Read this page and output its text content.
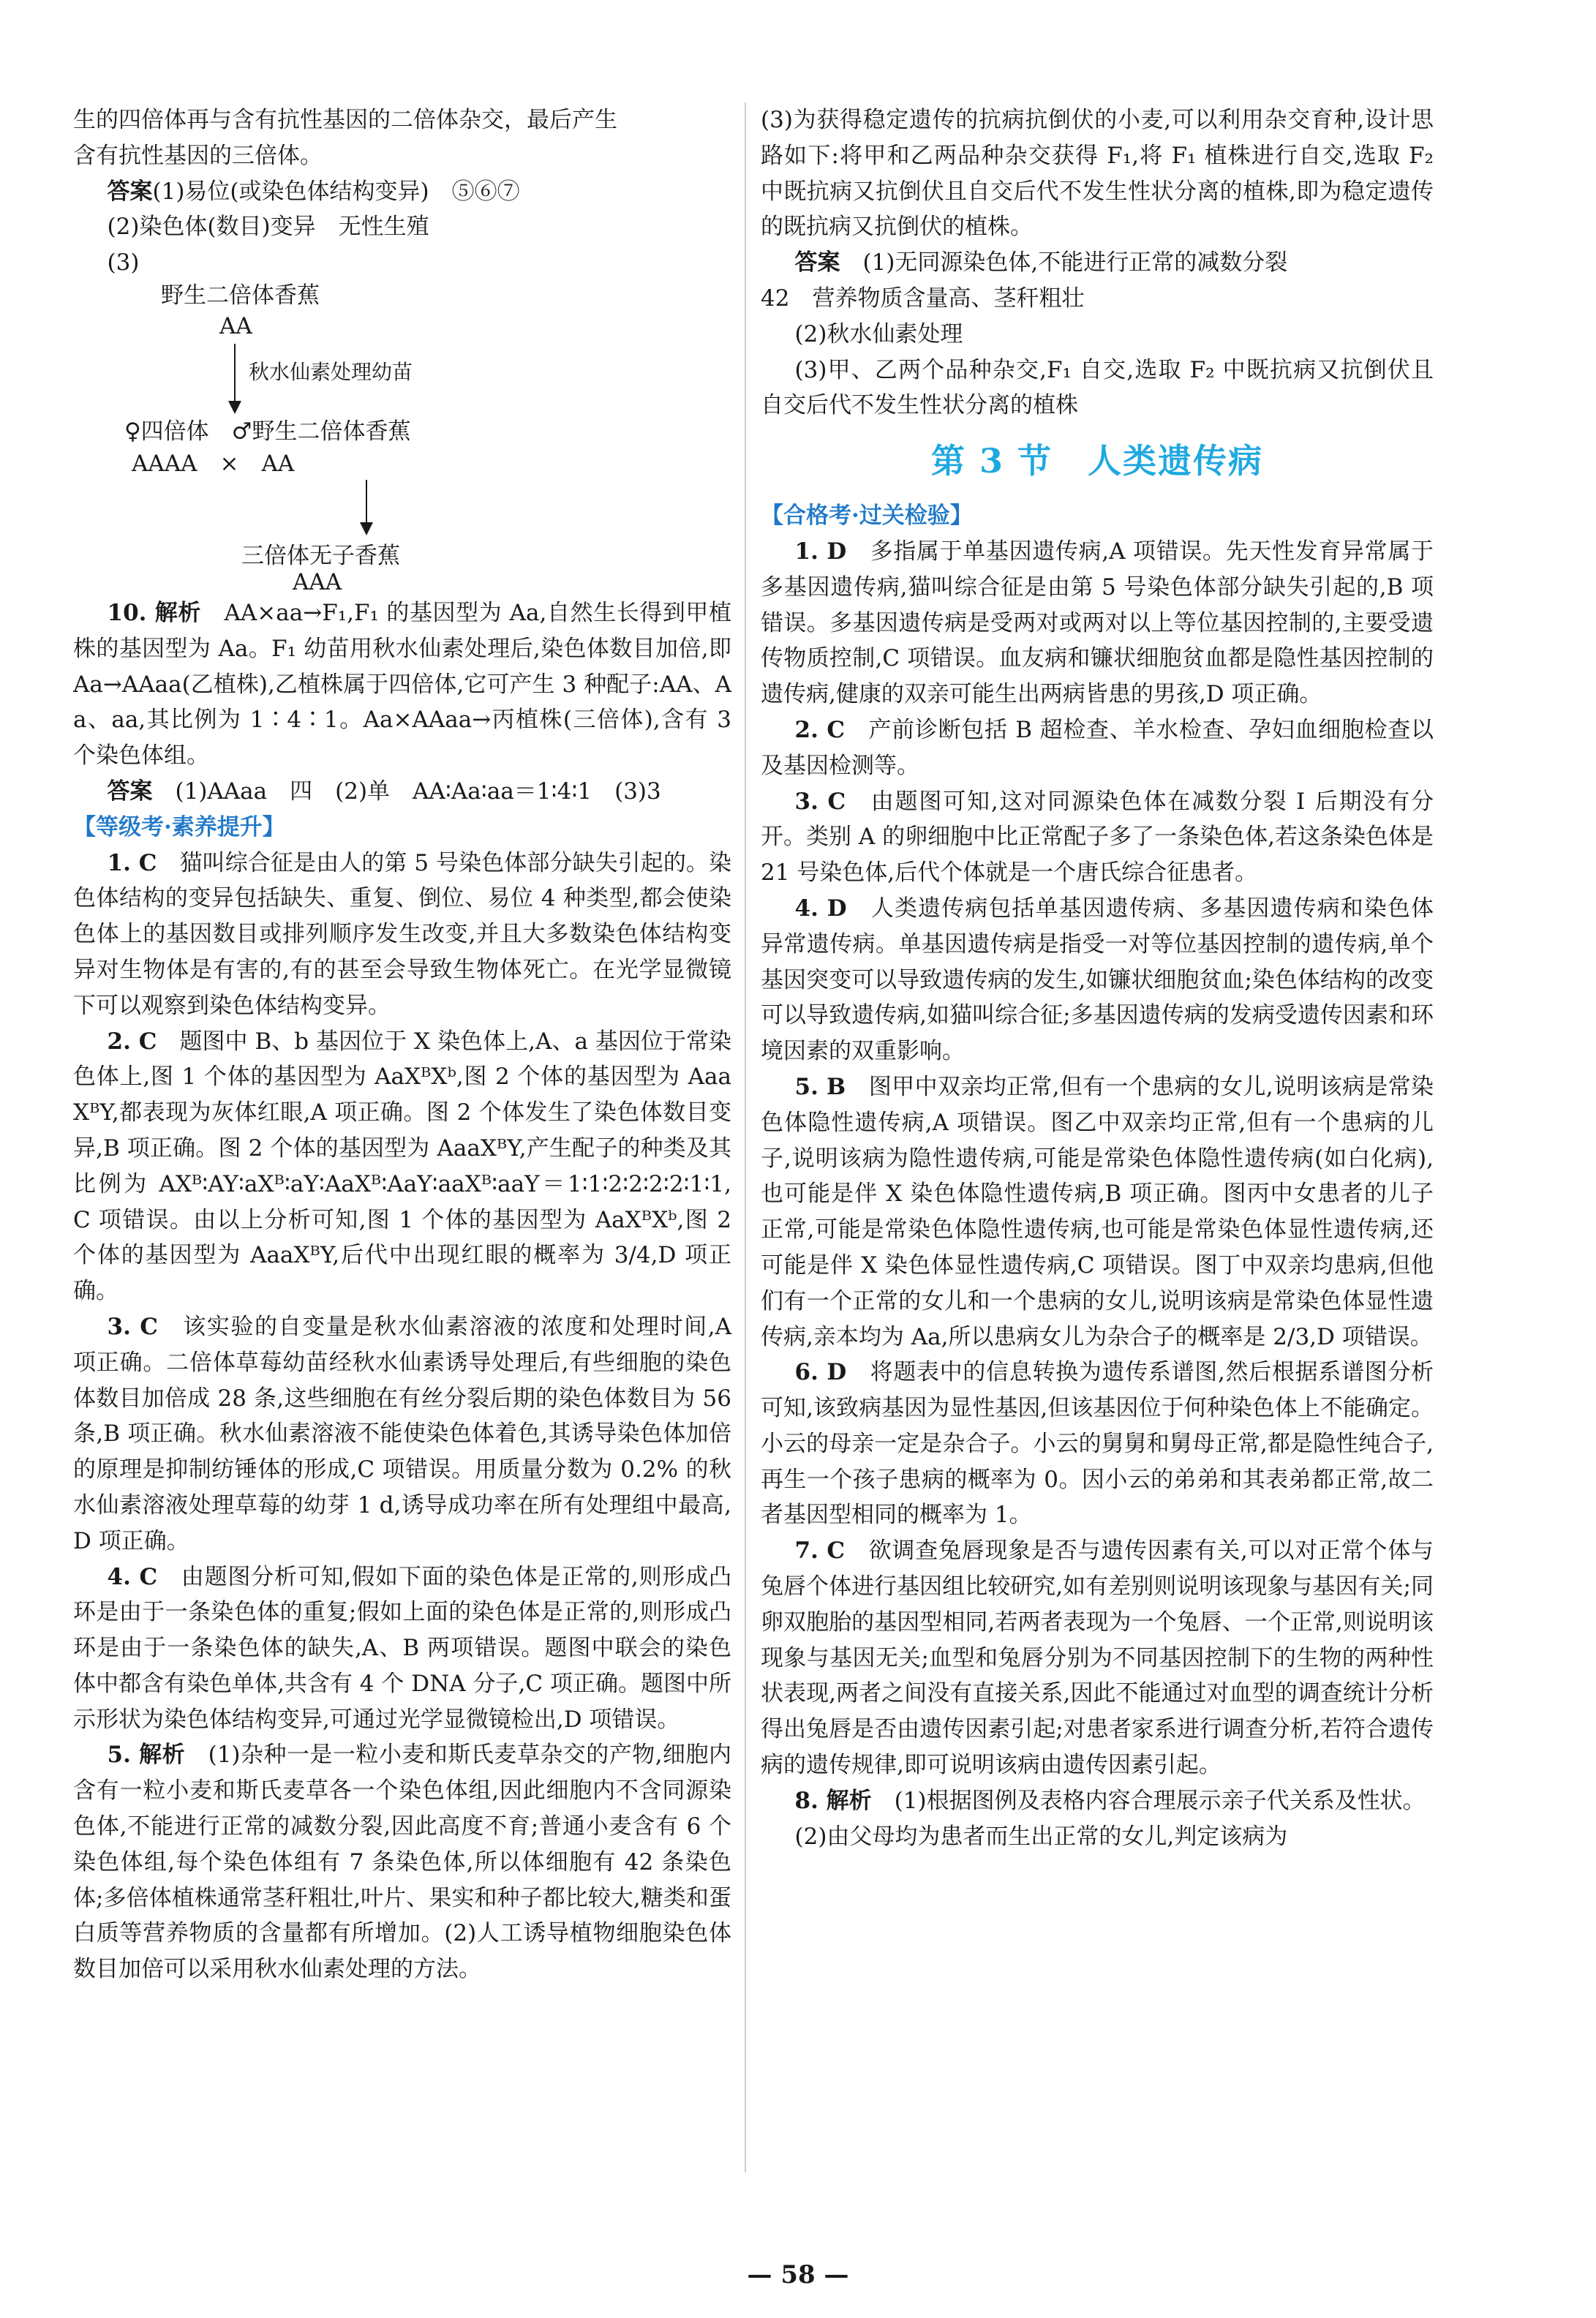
生的四倍体再与含有抗性基因的二倍体杂交，最后产生

含有抗性基因的三倍体。

答案(1)易位(或染色体结构变异)　⑤⑥⑦

(2)染色体(数目)变异　无性生殖

(3)

野生二倍体香蕉
AA
秋水仙素处理幼苗
♀四倍体　♂野生二倍体香蕉
AAAA　×　AA
三倍体无子香蕉
AAA

10. 解析　 AA×aa→F₁,F₁ 的基因型为 Aa,自然生长得到甲植株的基因型为 Aa。F₁ 幼苗用秋水仙素处理后,染色体数目加倍,即 Aa→AAaa(乙植株),乙植株属于四倍体,它可产生 3 种配子:AA、Aa、aa,其比例为 1∶4∶1。Aa×AAaa→丙植株(三倍体),含有 3 个染色体组。

答案　 (1)AAaa　四　(2)单　AA∶Aa∶aa＝1∶4∶1　(3)3

【等级考·素养提升】

1. C　 猫叫综合征是由人的第 5 号染色体部分缺失引起的。染色体结构的变异包括缺失、重复、倒位、易位 4 种类型,都会使染色体上的基因数目或排列顺序发生改变,并且大多数染色体结构变异对生物体是有害的,有的甚至会导致生物体死亡。在光学显微镜下可以观察到染色体结构变异。

2. C　 题图中 B、b 基因位于 X 染色体上,A、a 基因位于常染色体上,图 1 个体的基因型为 AaXᴮXᵇ,图 2 个体的基因型为 AaaXᴮY,都表现为灰体红眼,A 项正确。图 2 个体发生了染色体数目变异,B 项正确。图 2 个体的基因型为 AaaXᴮY,产生配子的种类及其比例为 AXᴮ∶AY∶aXᴮ∶aY∶AaXᴮ∶AaY∶aaXᴮ∶aaY＝1∶1∶2∶2∶2∶2∶1∶1,C 项错误。由以上分析可知,图 1 个体的基因型为 AaXᴮXᵇ,图 2 个体的基因型为 AaaXᴮY,后代中出现红眼的概率为 3/4,D 项正确。

3. C　 该实验的自变量是秋水仙素溶液的浓度和处理时间,A 项正确。二倍体草莓幼苗经秋水仙素诱导处理后,有些细胞的染色体数目加倍成 28 条,这些细胞在有丝分裂后期的染色体数目为 56 条,B 项正确。秋水仙素溶液不能使染色体着色,其诱导染色体加倍的原理是抑制纺锤体的形成,C 项错误。用质量分数为 0.2% 的秋水仙素溶液处理草莓的幼芽 1 d,诱导成功率在所有处理组中最高,D 项正确。

4. C　 由题图分析可知,假如下面的染色体是正常的,则形成凸环是由于一条染色体的重复;假如上面的染色体是正常的,则形成凸环是由于一条染色体的缺失,A、B 两项错误。题图中联会的染色体中都含有染色单体,共含有 4 个 DNA 分子,C 项正确。题图中所示形状为染色体结构变异,可通过光学显微镜检出,D 项错误。

5. 解析　 (1)杂种一是一粒小麦和斯氏麦草杂交的产物,细胞内含有一粒小麦和斯氏麦草各一个染色体组,因此细胞内不含同源染色体,不能进行正常的减数分裂,因此高度不育;普通小麦含有 6 个染色体组,每个染色体组有 7 条染色体,所以体细胞有 42 条染色体;多倍体植株通常茎秆粗壮,叶片、果实和种子都比较大,糖类和蛋白质等营养物质的含量都有所增加。(2)人工诱导植物细胞染色体数目加倍可以采用秋水仙素处理的方法。

(3)为获得稳定遗传的抗病抗倒伏的小麦,可以利用杂交育种,设计思路如下:将甲和乙两品种杂交获得 F₁,将 F₁ 植株进行自交,选取 F₂ 中既抗病又抗倒伏且自交后代不发生性状分离的植株,即为稳定遗传的既抗病又抗倒伏的植株。

答案　 (1)无同源染色体,不能进行正常的减数分裂

42　 营养物质含量高、茎秆粗壮

(2)秋水仙素处理

(3)甲、乙两个品种杂交,F₁ 自交,选取 F₂ 中既抗病又抗倒伏且自交后代不发生性状分离的植株

第 3 节　人类遗传病

【合格考·过关检验】

1. D　 多指属于单基因遗传病,A 项错误。先天性发育异常属于多基因遗传病,猫叫综合征是由第 5 号染色体部分缺失引起的,B 项错误。多基因遗传病是受两对或两对以上等位基因控制的,主要受遗传物质控制,C 项错误。血友病和镰状细胞贫血都是隐性基因控制的遗传病,健康的双亲可能生出两病皆患的男孩,D 项正确。

2. C　 产前诊断包括 B 超检查、羊水检查、孕妇血细胞检查以及基因检测等。

3. C　 由题图可知,这对同源染色体在减数分裂 Ⅰ 后期没有分开。类别 A 的卵细胞中比正常配子多了一条染色体,若这条染色体是 21 号染色体,后代个体就是一个唐氏综合征患者。

4. D　 人类遗传病包括单基因遗传病、多基因遗传病和染色体异常遗传病。单基因遗传病是指受一对等位基因控制的遗传病,单个基因突变可以导致遗传病的发生,如镰状细胞贫血;染色体结构的改变可以导致遗传病,如猫叫综合征;多基因遗传病的发病受遗传因素和环境因素的双重影响。

5. B　 图甲中双亲均正常,但有一个患病的女儿,说明该病是常染色体隐性遗传病,A 项错误。图乙中双亲均正常,但有一个患病的儿子,说明该病为隐性遗传病,可能是常染色体隐性遗传病(如白化病),也可能是伴 X 染色体隐性遗传病,B 项正确。图丙中女患者的儿子正常,可能是常染色体隐性遗传病,也可能是常染色体显性遗传病,还可能是伴 X 染色体显性遗传病,C 项错误。图丁中双亲均患病,但他们有一个正常的女儿和一个患病的女儿,说明该病是常染色体显性遗传病,亲本均为 Aa,所以患病女儿为杂合子的概率是 2/3,D 项错误。

6. D　 将题表中的信息转换为遗传系谱图,然后根据系谱图分析可知,该致病基因为显性基因,但该基因位于何种染色体上不能确定。小云的母亲一定是杂合子。小云的舅舅和舅母正常,都是隐性纯合子,再生一个孩子患病的概率为 0。因小云的弟弟和其表弟都正常,故二者基因型相同的概率为 1。

7. C　 欲调查兔唇现象是否与遗传因素有关,可以对正常个体与兔唇个体进行基因组比较研究,如有差别则说明该现象与基因有关;同卵双胞胎的基因型相同,若两者表现为一个兔唇、一个正常,则说明该现象与基因无关;血型和兔唇分别为不同基因控制下的生物的两种性状表现,两者之间没有直接关系,因此不能通过对血型的调查统计分析得出兔唇是否由遗传因素引起;对患者家系进行调查分析,若符合遗传病的遗传规律,即可说明该病由遗传因素引起。

8. 解析　 (1)根据图例及表格内容合理展示亲子代关系及性状。

(2)由父母均为患者而生出正常的女儿,判定该病为

— 58 —
